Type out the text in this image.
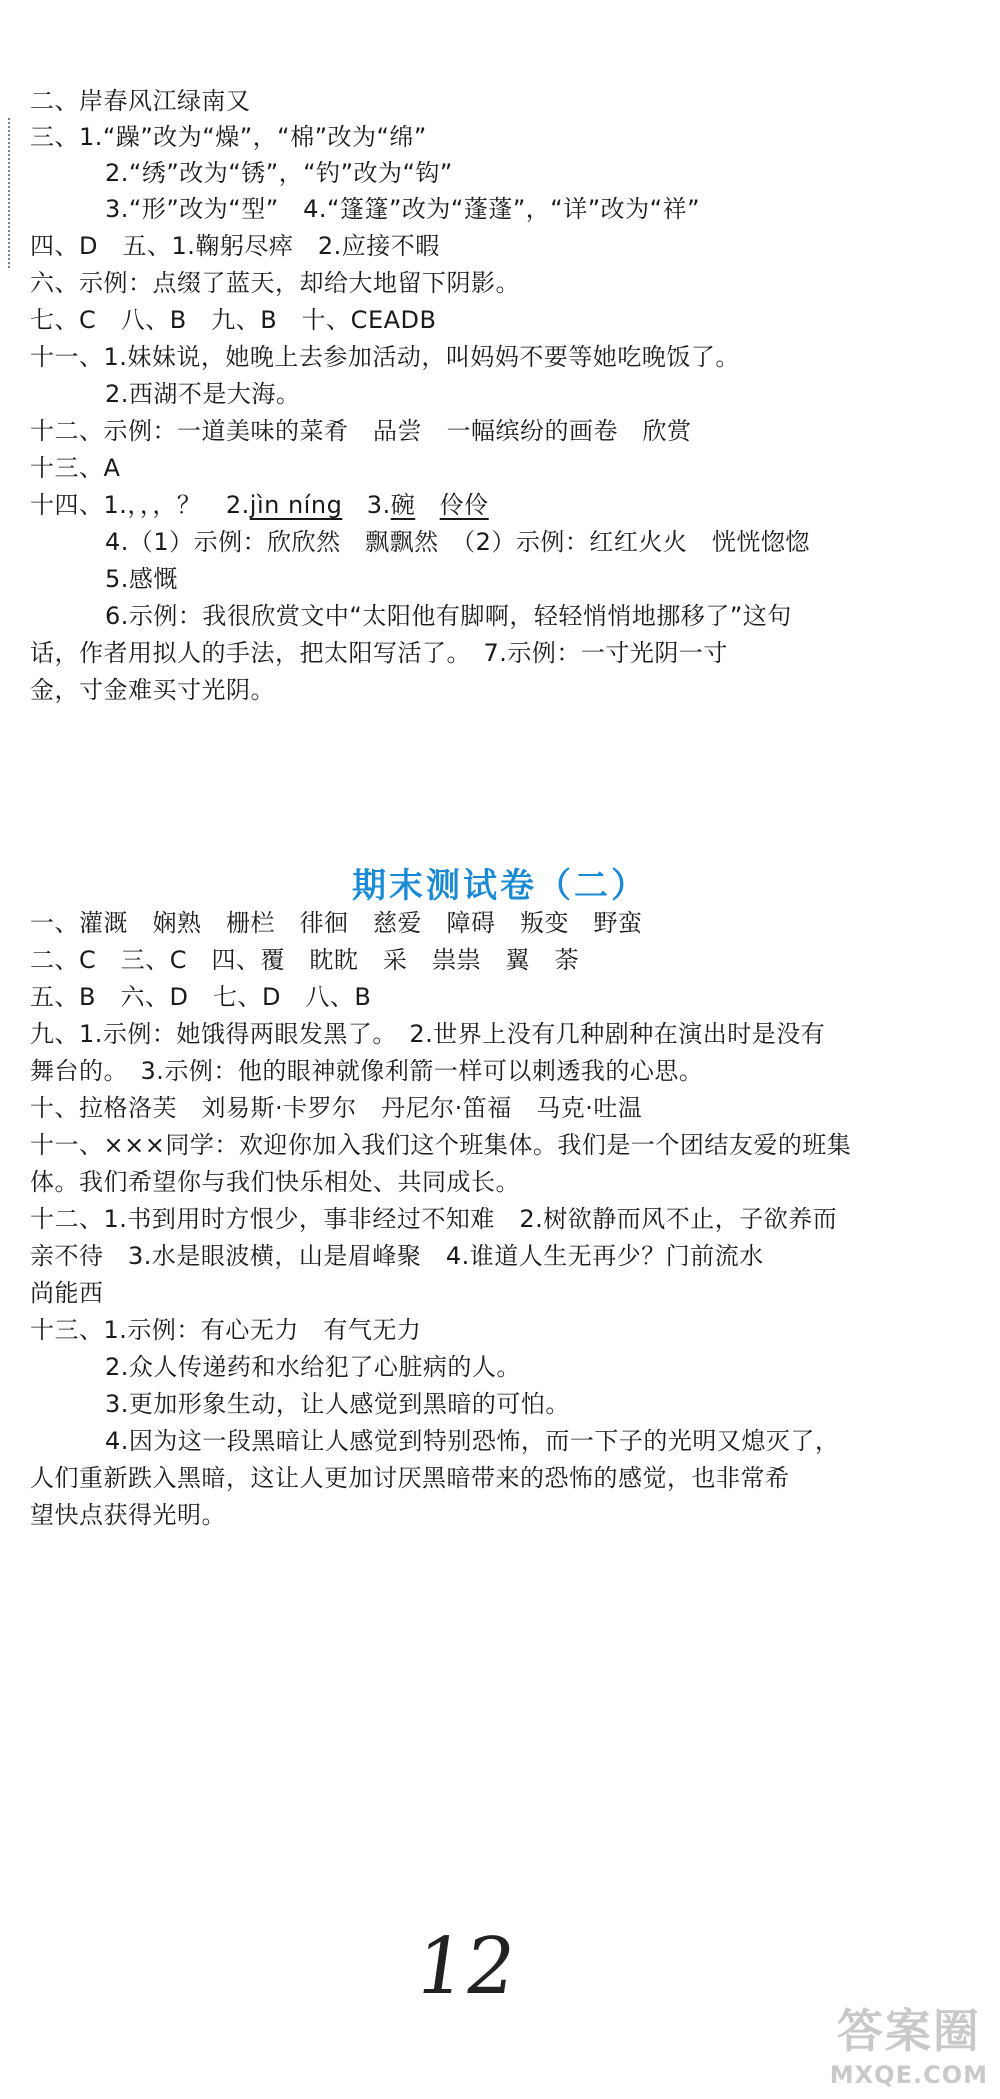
二、岸春风江绿南又
三、1.“躁”改为“燥”，“棉”改为“绵”
2.“绣”改为“锈”，“钓”改为“钩”
3.“形”改为“型”　4.“篷篷”改为“蓬蓬”，“详”改为“祥”
四、D　五、1.鞠躬尽瘁　2.应接不暇
六、示例：点缀了蓝天，却给大地留下阴影。
七、C　八、B　九、B　十、CEADB
十一、1.妹妹说，她晚上去参加活动，叫妈妈不要等她吃晚饭了。
2.西湖不是大海。
十二、示例：一道美味的菜肴　品尝　一幅缤纷的画卷　欣赏
十三、A
十四、1.，，，？　2.jìn níng　3.碗　 伶伶
4.（1）示例：欣欣然　飘飘然　（2）示例：红红火火　恍恍惚惚
5.感慨
6.示例：我很欣赏文中“太阳他有脚啊，轻轻悄悄地挪移了”这句
话，作者用拟人的手法，把太阳写活了。　7.示例：一寸光阴一寸
金，寸金难买寸光阴。
期末测试卷（二）
一、灌溉　娴熟　栅栏　徘徊　慈爱　障碍　叛变　野蛮
二、C　三、C　四、覆　眈眈　采　祟祟　翼　荼
五、B　六、D　七、D　八、B
九、1.示例：她饿得两眼发黑了。　2.世界上没有几种剧种在演出时是没有
舞台的。　3.示例：他的眼神就像利箭一样可以刺透我的心思。
十、拉格洛芙　刘易斯·卡罗尔　丹尼尔·笛福　马克·吐温
十一、×××同学：欢迎你加入我们这个班集体。我们是一个团结友爱的班集
体。我们希望你与我们快乐相处、共同成长。
十二、1.书到用时方恨少，事非经过不知难　2.树欲静而风不止，子欲养而
亲不待　3.水是眼波横，山是眉峰聚　4.谁道人生无再少？门前流水
尚能西
十三、1.示例：有心无力　有气无力
2.众人传递药和水给犯了心脏病的人。
3.更加形象生动，让人感觉到黑暗的可怕。
4.因为这一段黑暗让人感觉到特别恐怖，而一下子的光明又熄灭了，
人们重新跌入黑暗，这让人更加讨厌黑暗带来的恐怖的感觉，也非常希
望快点获得光明。
12
答案圈
MXQE.COM
